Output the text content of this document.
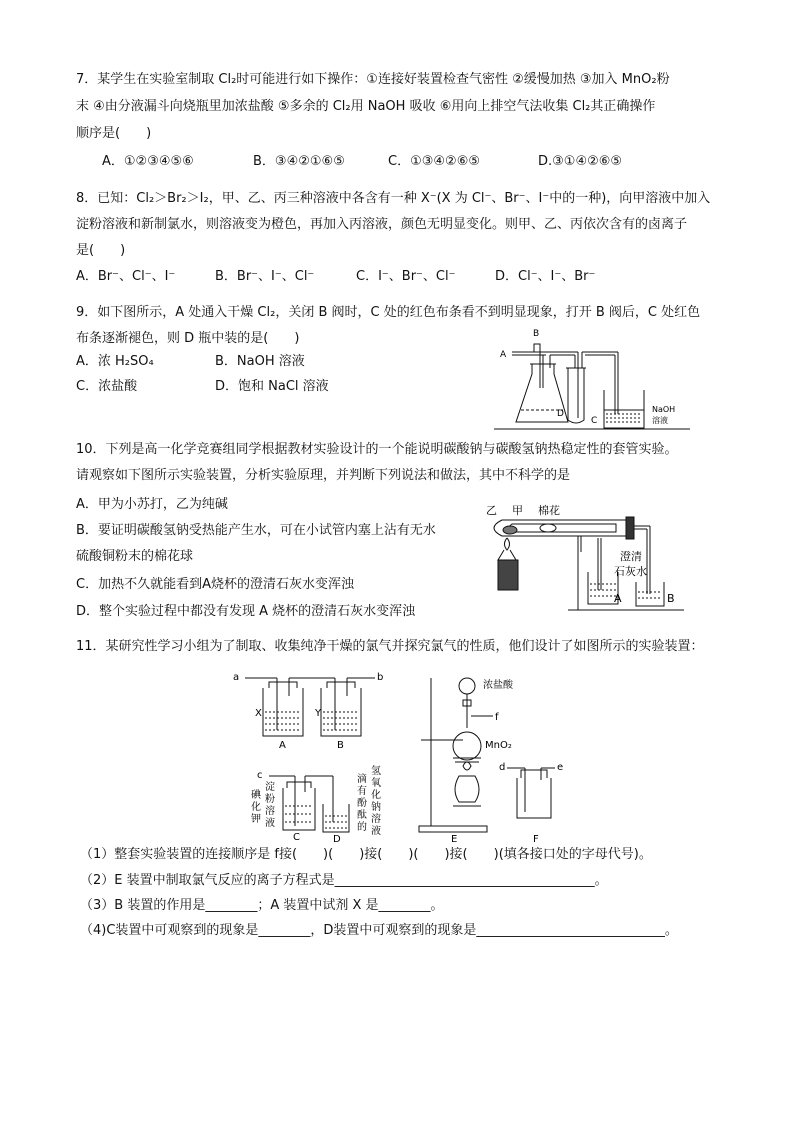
7．某学生在实验室制取 Cl₂时可能进行如下操作：①连接好装置检查气密性 ②缓慢加热 ③加入 MnO₂粉
末 ④由分液漏斗向烧瓶里加浓盐酸 ⑤多余的 Cl₂用 NaOH 吸收 ⑥用向上排空气法收集 Cl₂其正确操作
顺序是(　　)
A．①②③④⑤⑥	B．③④②①⑥⑤	C．①③④②⑥⑤	D.③①④②⑥⑤
8．已知：Cl₂＞Br₂＞I₂，甲、乙、丙三种溶液中各含有一种 X⁻(X 为 Cl⁻、Br⁻、I⁻中的一种)，向甲溶液中加入
淀粉溶液和新制氯水，则溶液变为橙色，再加入丙溶液，颜色无明显变化。则甲、乙、丙依次含有的卤离子
是(　　)
A．Br⁻、Cl⁻、I⁻	B．Br⁻、I⁻、Cl⁻	C．I⁻、Br⁻、Cl⁻	D．Cl⁻、I⁻、Br⁻
9．如下图所示，A 处通入干燥 Cl₂，关闭 B 阀时，C 处的红色布条看不到明显现象，打开 B 阀后，C 处红色
布条逐渐褪色，则 D 瓶中装的是(　　)
A．浓 H₂SO₄	B．NaOH 溶液
C．浓盐酸	D．饱和 NaCl 溶液
A
B
C
D	NaOH
溶液
10．下列是高一化学竞赛组同学根据教材实验设计的一个能说明碳酸钠与碳酸氢钠热稳定性的套管实验。
请观察如下图所示实验装置，分析实验原理，并判断下列说法和做法，其中不科学的是
A．甲为小苏打，乙为纯碱
B．要证明碳酸氢钠受热能产生水，可在小试管内塞上沾有无水
硫酸铜粉末的棉花球
C．加热不久就能看到A烧杯的澄清石灰水变浑浊
D．整个实验过程中都没有发现 A 烧杯的澄清石灰水变浑浊
乙 甲 棉花
澄清
石灰水
A	B
11．某研究性学习小组为了制取、收集纯净干燥的氯气并探究氯气的性质，他们设计了如图所示的实验装置：
a	b
X	Y
A	B
c
C	D	E	F
f
浓盐酸
MnO₂
d	e
碘
化
钾
淀
粉
溶
液
滴
有
酚
酞
的
氢
氧
化
钠
溶
液
（1）整套实验装置的连接顺序是 f接(　　)(　　)接(　　)(　　)接(　　)(填各接口处的字母代号)。
（2）E 装置中制取氯气反应的离子方程式是________________________________________。
（3）B 装置的作用是________；A 装置中试剂 X 是________。
（4)C装置中可观察到的现象是________，D装置中可观察到的现象是_____________________________。
